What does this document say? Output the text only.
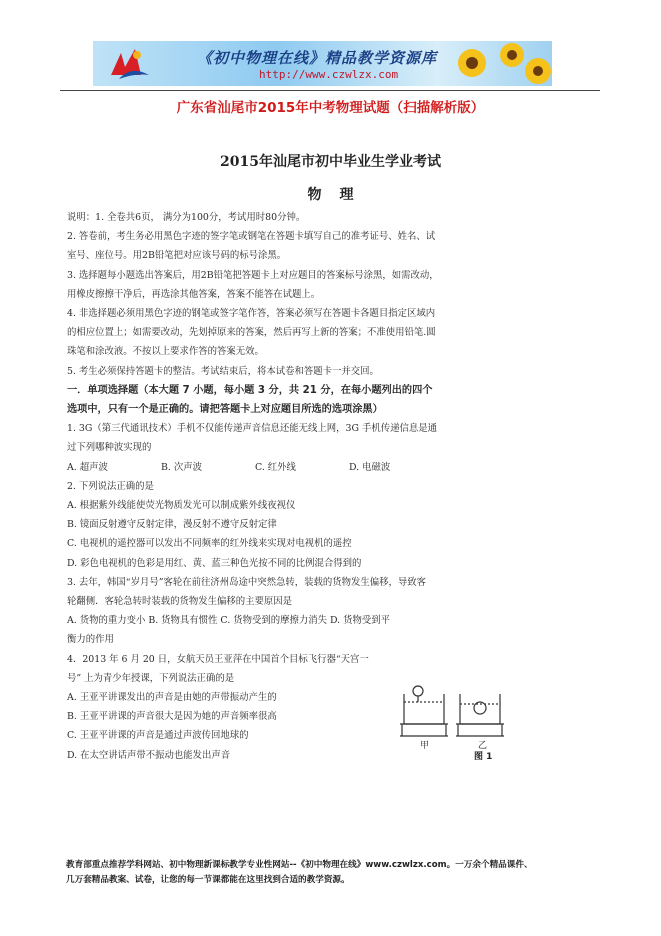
《初中物理在线》精品教学资源库
http://www.czwlzx.com
广东省汕尾市2015年中考物理试题（扫描解析版）
2015年汕尾市初中毕业生学业考试
物理

说明：1. 全卷共6页， 满分为100分，考试用时80分钟。

2. 答卷前，考生务必用黑色字迹的签字笔或钢笔在答题卡填写自己的准考证号、姓名、试

室号、座位号。用2B铅笔把对应该号码的标号涂黑。

3. 选择题每小题选出答案后，用2B铅笔把答题卡上对应题目的答案标号涂黑，如需改动，

用橡皮擦擦干净后，再选涂其他答案，答案不能答在试题上。

4. 非选择题必须用黑色字迹的钢笔或签字笔作答，答案必须写在答题卡各题目指定区域内

的相应位置上；如需要改动，先划掉原来的答案，然后再写上新的答案；不准使用铅笔.圆

珠笔和涂改液。不按以上要求作答的答案无效。

5. 考生必须保持答题卡的整洁。考试结束后，将本试卷和答题卡一并交回。

一．单项选择题（本大题 7 小题，每小题 3 分，共 21 分，在每小题列出的四个

选项中，只有一个是正确的。请把答题卡上对应题目所选的选项涂黑）

1. 3G（第三代通讯技术）手机不仅能传递声音信息还能无线上网，3G 手机传递信息是通

过下列哪种波实现的

A. 超声波	B. 次声波	C. 红外线	D. 电磁波

2. 下列说法正确的是

A. 根据紫外线能使荧光物质发光可以制成紫外线夜视仪

B. 镜面反射遵守反射定律，漫反射不遵守反射定律

C. 电视机的遥控器可以发出不同频率的红外线来实现对电视机的遥控

D. 彩色电视机的色彩是用红、黄、蓝三种色光按不同的比例混合得到的

3. 去年，韩国“岁月号”客轮在前往济州岛途中突然急转，装载的货物发生偏移，导致客

轮翻侧．客轮急转时装载的货物发生偏移的主要原因是

A. 货物的重力变小 B. 货物具有惯性 C. 货物受到的摩擦力消失 D. 货物受到平

衡力的作用

4．2013 年 6 月 20 日，女航天员王亚萍在中国首个目标飞行器“天宫一

号” 上为青少年授课，下列说法正确的是

A. 王亚平讲课发出的声音是由她的声带振动产生的

B. 王亚平讲课的声音很大是因为她的声音频率很高

C. 王亚平讲课的声音是通过声波传回地球的

D. 在太空讲话声带不振动也能发出声音

甲	乙
图 1
教育部重点推荐学科网站、初中物理新课标教学专业性网站--《初中物理在线》www.czwlzx.com。一万余个精品课件、
几万套精品教案、试卷，让您的每一节课都能在这里找到合适的教学资源。
